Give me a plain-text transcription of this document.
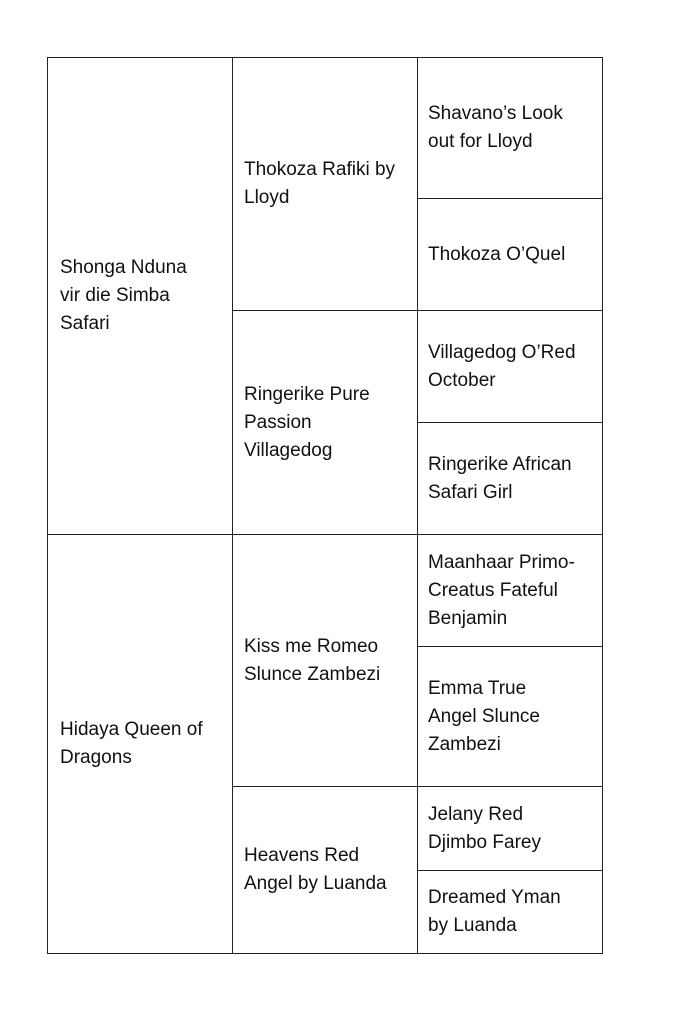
Shonga Nduna
vir die Simba
Safari
Hidaya Queen of
Dragons
Thokoza Rafiki by
Lloyd
Ringerike Pure
Passion
Villagedog
Kiss me Romeo
Slunce Zambezi
Heavens Red
Angel by Luanda
Shavano’s Look
out for Lloyd
Thokoza O’Quel
Villagedog O’Red
October
Ringerike African
Safari Girl
Maanhaar Primo-
Creatus Fateful
Benjamin
Emma True
Angel Slunce
Zambezi
Jelany Red
Djimbo Farey
Dreamed Yman
by Luanda
